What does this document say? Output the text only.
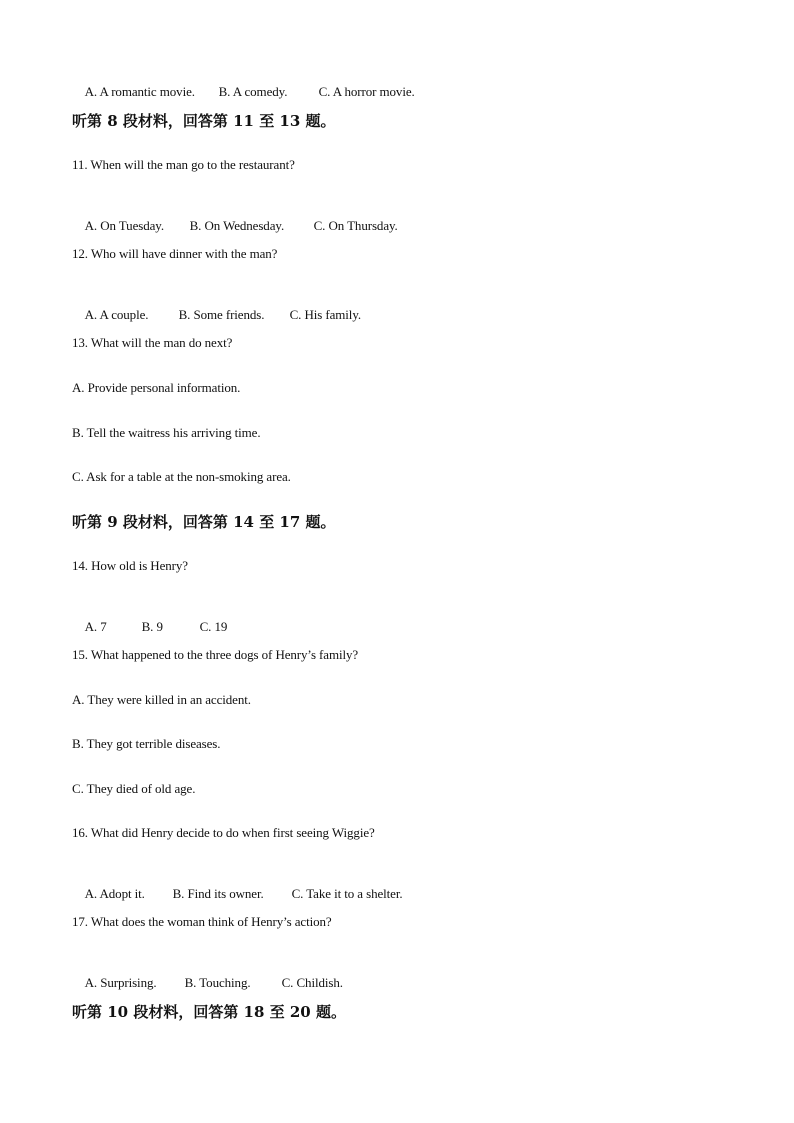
A. A romantic movie. B. A comedy. C. A horror movie.

听第 8 段材料，回答第 11 至 13 题。
11. When will the man go to the restaurant?

A. On Tuesday. B. On Wednesday. C. On Thursday.

12. Who will have dinner with the man?

A. A couple. B. Some friends. C. His family.

13. What will the man do next?
A. Provide personal information.
B. Tell the waitress his arriving time.
C. Ask for a table at the non-smoking area.
听第 9 段材料，回答第 14 至 17 题。
14. How old is Henry?

A. 7	B. 9	C. 19

15. What happened to the three dogs of Henry’s family?
A. They were killed in an accident.
B. They got terrible diseases.
C. They died of old age.
16. What did Henry decide to do when first seeing Wiggie?

A. Adopt it. B. Find its owner. C. Take it to a shelter.

17. What does the woman think of Henry’s action?

A. Surprising. B. Touching. C. Childish.

听第 10 段材料，回答第 18 至 20 题。
